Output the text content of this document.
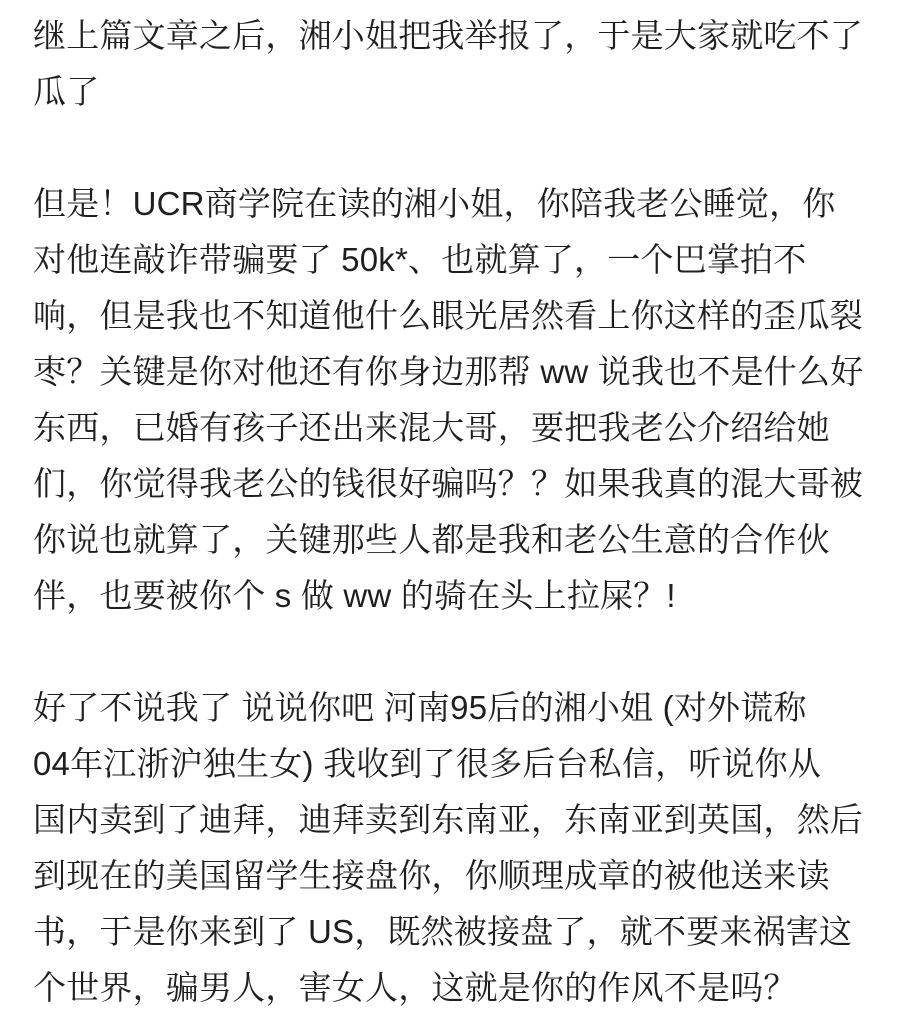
继上篇文章之后，湘小姐把我举报了，于是大家就吃不了
瓜了

但是！UCR商学院在读的湘小姐，你陪我老公睡觉，你
对他连敲诈带骗要了 50k*、也就算了，一个巴掌拍不
响，但是我也不知道他什么眼光居然看上你这样的歪瓜裂
枣？关键是你对他还有你身边那帮 ww 说我也不是什么好
东西，已婚有孩子还出来混大哥，要把我老公介绍给她
们，你觉得我老公的钱很好骗吗？？如果我真的混大哥被
你说也就算了，关键那些人都是我和老公生意的合作伙
伴，也要被你个 s 做 ww 的骑在头上拉屎？!

好了不说我了 说说你吧 河南95后的湘小姐 (对外谎称
04年江浙沪独生女) 我收到了很多后台私信，听说你从
国内卖到了迪拜，迪拜卖到东南亚，东南亚到英国，然后
到现在的美国留学生接盘你，你顺理成章的被他送来读
书，于是你来到了 US，既然被接盘了，就不要来祸害这
个世界，骗男人，害女人，这就是你的作风不是吗？
